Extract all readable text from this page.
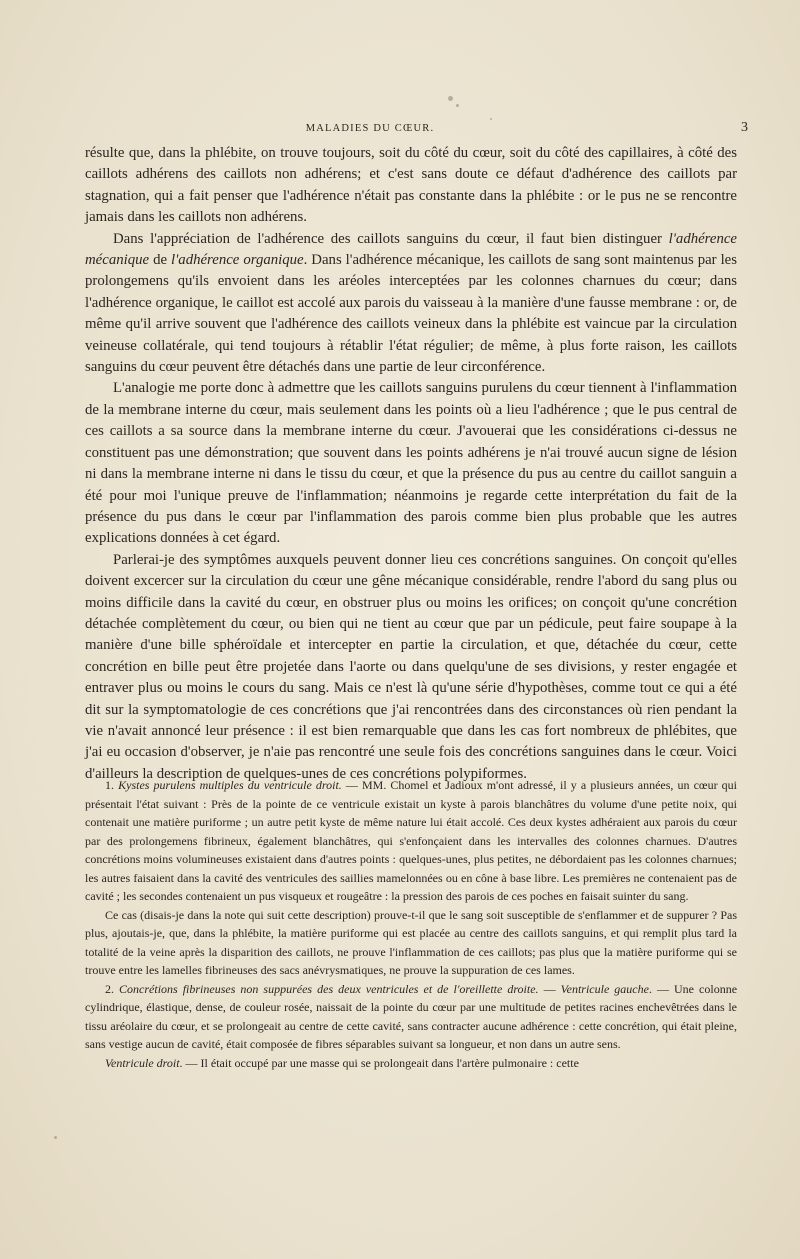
MALADIES DU CŒUR.	3

résulte que, dans la phlébite, on trouve toujours, soit du côté du cœur, soit du côté des capillaires, à côté des caillots adhérens des caillots non adhérens; et c'est sans doute ce défaut d'adhérence des caillots par stagnation, qui a fait penser que l'adhérence n'était pas constante dans la phlébite : or le pus ne se rencontre jamais dans les caillots non adhérens.

Dans l'appréciation de l'adhérence des caillots sanguins du cœur, il faut bien distinguer l'adhérence mécanique de l'adhérence organique. Dans l'adhérence mécanique, les caillots de sang sont maintenus par les prolongemens qu'ils envoient dans les aréoles interceptées par les colonnes charnues du cœur; dans l'adhérence organique, le caillot est accolé aux parois du vaisseau à la manière d'une fausse membrane : or, de même qu'il arrive souvent que l'adhérence des caillots veineux dans la phlébite est vaincue par la circulation veineuse collatérale, qui tend toujours à rétablir l'état régulier; de même, à plus forte raison, les caillots sanguins du cœur peuvent être détachés dans une partie de leur circonférence.

L'analogie me porte donc à admettre que les caillots sanguins purulens du cœur tiennent à l'inflammation de la membrane interne du cœur, mais seulement dans les points où a lieu l'adhérence ; que le pus central de ces caillots a sa source dans la membrane interne du cœur. J'avouerai que les considérations ci-dessus ne constituent pas une démonstration; que souvent dans les points adhérens je n'ai trouvé aucun signe de lésion ni dans la membrane interne ni dans le tissu du cœur, et que la présence du pus au centre du caillot sanguin a été pour moi l'unique preuve de l'inflammation; néanmoins je regarde cette interprétation du fait de la présence du pus dans le cœur par l'inflammation des parois comme bien plus probable que les autres explications données à cet égard.

Parlerai-je des symptômes auxquels peuvent donner lieu ces concrétions sanguines. On conçoit qu'elles doivent excercer sur la circulation du cœur une gêne mécanique considérable, rendre l'abord du sang plus ou moins difficile dans la cavité du cœur, en obstruer plus ou moins les orifices; on conçoit qu'une concrétion détachée complètement du cœur, ou bien qui ne tient au cœur que par un pédicule, peut faire soupape à la manière d'une bille sphéroïdale et intercepter en partie la circulation, et que, détachée du cœur, cette concrétion en bille peut être projetée dans l'aorte ou dans quelqu'une de ses divisions, y rester engagée et entraver plus ou moins le cours du sang. Mais ce n'est là qu'une série d'hypothèses, comme tout ce qui a été dit sur la symptomatologie de ces concrétions que j'ai rencontrées dans des circonstances où rien pendant la vie n'avait annoncé leur présence : il est bien remarquable que dans les cas fort nombreux de phlébites, que j'ai eu occasion d'observer, je n'aie pas rencontré une seule fois des concrétions sanguines dans le cœur. Voici d'ailleurs la description de quelques-unes de ces concrétions polypiformes.

1. Kystes purulens multiples du ventricule droit. — MM. Chomel et Jadioux m'ont adressé, il y a plusieurs années, un cœur qui présentait l'état suivant : Près de la pointe de ce ventricule existait un kyste à parois blanchâtres du volume d'une petite noix, qui contenait une matière puriforme ; un autre petit kyste de même nature lui était accolé. Ces deux kystes adhéraient aux parois du cœur par des prolongemens fibrineux, également blanchâtres, qui s'enfonçaient dans les intervalles des colonnes charnues. D'autres concrétions moins volumineuses existaient dans d'autres points : quelques-unes, plus petites, ne débordaient pas les colonnes charnues; les autres faisaient dans la cavité des ventricules des saillies mamelonnées ou en cône à base libre. Les premières ne contenaient pas de cavité ; les secondes contenaient un pus visqueux et rougeâtre : la pression des parois de ces poches en faisait suinter du sang.

Ce cas (disais-je dans la note qui suit cette description) prouve-t-il que le sang soit susceptible de s'enflammer et de suppurer ? Pas plus, ajoutais-je, que, dans la phlébite, la matière puriforme qui est placée au centre des caillots sanguins, et qui remplit plus tard la totalité de la veine après la disparition des caillots, ne prouve l'inflammation de ces caillots; pas plus que la matière puriforme qui se trouve entre les lamelles fibrineuses des sacs anévrysmatiques, ne prouve la suppuration de ces lames.

2. Concrétions fibrineuses non suppurées des deux ventricules et de l'oreillette droite. — Ventricule gauche. — Une colonne cylindrique, élastique, dense, de couleur rosée, naissait de la pointe du cœur par une multitude de petites racines enchevêtrées dans le tissu aréolaire du cœur, et se prolongeait au centre de cette cavité, sans contracter aucune adhérence : cette concrétion, qui était pleine, sans vestige aucun de cavité, était composée de fibres séparables suivant sa longueur, et non dans un autre sens.

Ventricule droit. — Il était occupé par une masse qui se prolongeait dans l'artère pulmonaire : cette
